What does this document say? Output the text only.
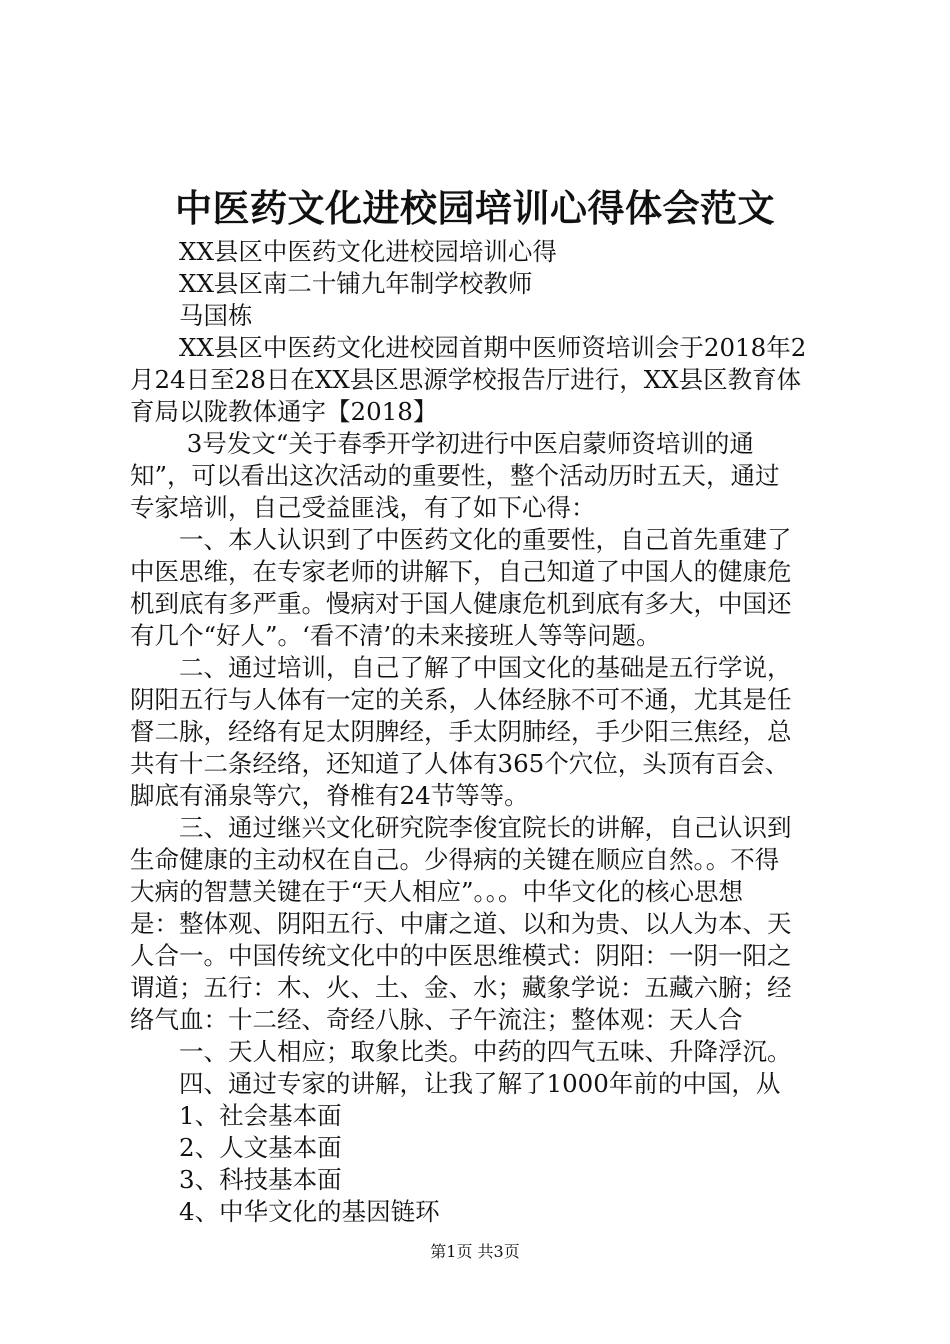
中医药文化进校园培训心得体会范文
　　XX县区中医药文化进校园培训心得
　　XX县区南二十铺九年制学校教师
　　马国栋
　　XX县区中医药文化进校园首期中医师资培训会于2018年2
月24日至28日在XX县区思源学校报告厅进行，XX县区教育体
育局以陇教体通字【2018】
　　 3号发文“关于春季开学初进行中医启蒙师资培训的通
知”，可以看出这次活动的重要性，整个活动历时五天，通过
专家培训，自己受益匪浅，有了如下心得：
　　一、本人认识到了中医药文化的重要性，自己首先重建了
中医思维，在专家老师的讲解下，自己知道了中国人的健康危
机到底有多严重。慢病对于国人健康危机到底有多大，中国还
有几个“好人”。‘看不清’的未来接班人等等问题。
　　二、通过培训，自己了解了中国文化的基础是五行学说，
阴阳五行与人体有一定的关系，人体经脉不可不通，尤其是任
督二脉，经络有足太阴脾经，手太阴肺经，手少阳三焦经，总
共有十二条经络，还知道了人体有365个穴位，头顶有百会、
脚底有涌泉等穴，脊椎有24节等等。
　　三、通过继兴文化研究院李俊宜院长的讲解，自己认识到
生命健康的主动权在自己。少得病的关键在顺应自然。。不得
大病的智慧关键在于“天人相应”。。。中华文化的核心思想
是：整体观、阴阳五行、中庸之道、以和为贵、以人为本、天
人合一。中国传统文化中的中医思维模式：阴阳：一阴一阳之
谓道；五行：木、火、土、金、水；藏象学说：五藏六腑；经
络气血：十二经、奇经八脉、子午流注；整体观：天人合
　　一、天人相应；取象比类。中药的四气五味、升降浮沉。
　　四、通过专家的讲解，让我了解了1000年前的中国，从
　　1、社会基本面
　　2、人文基本面
　　3、科技基本面
　　4、中华文化的基因链环
第1页 共3页
